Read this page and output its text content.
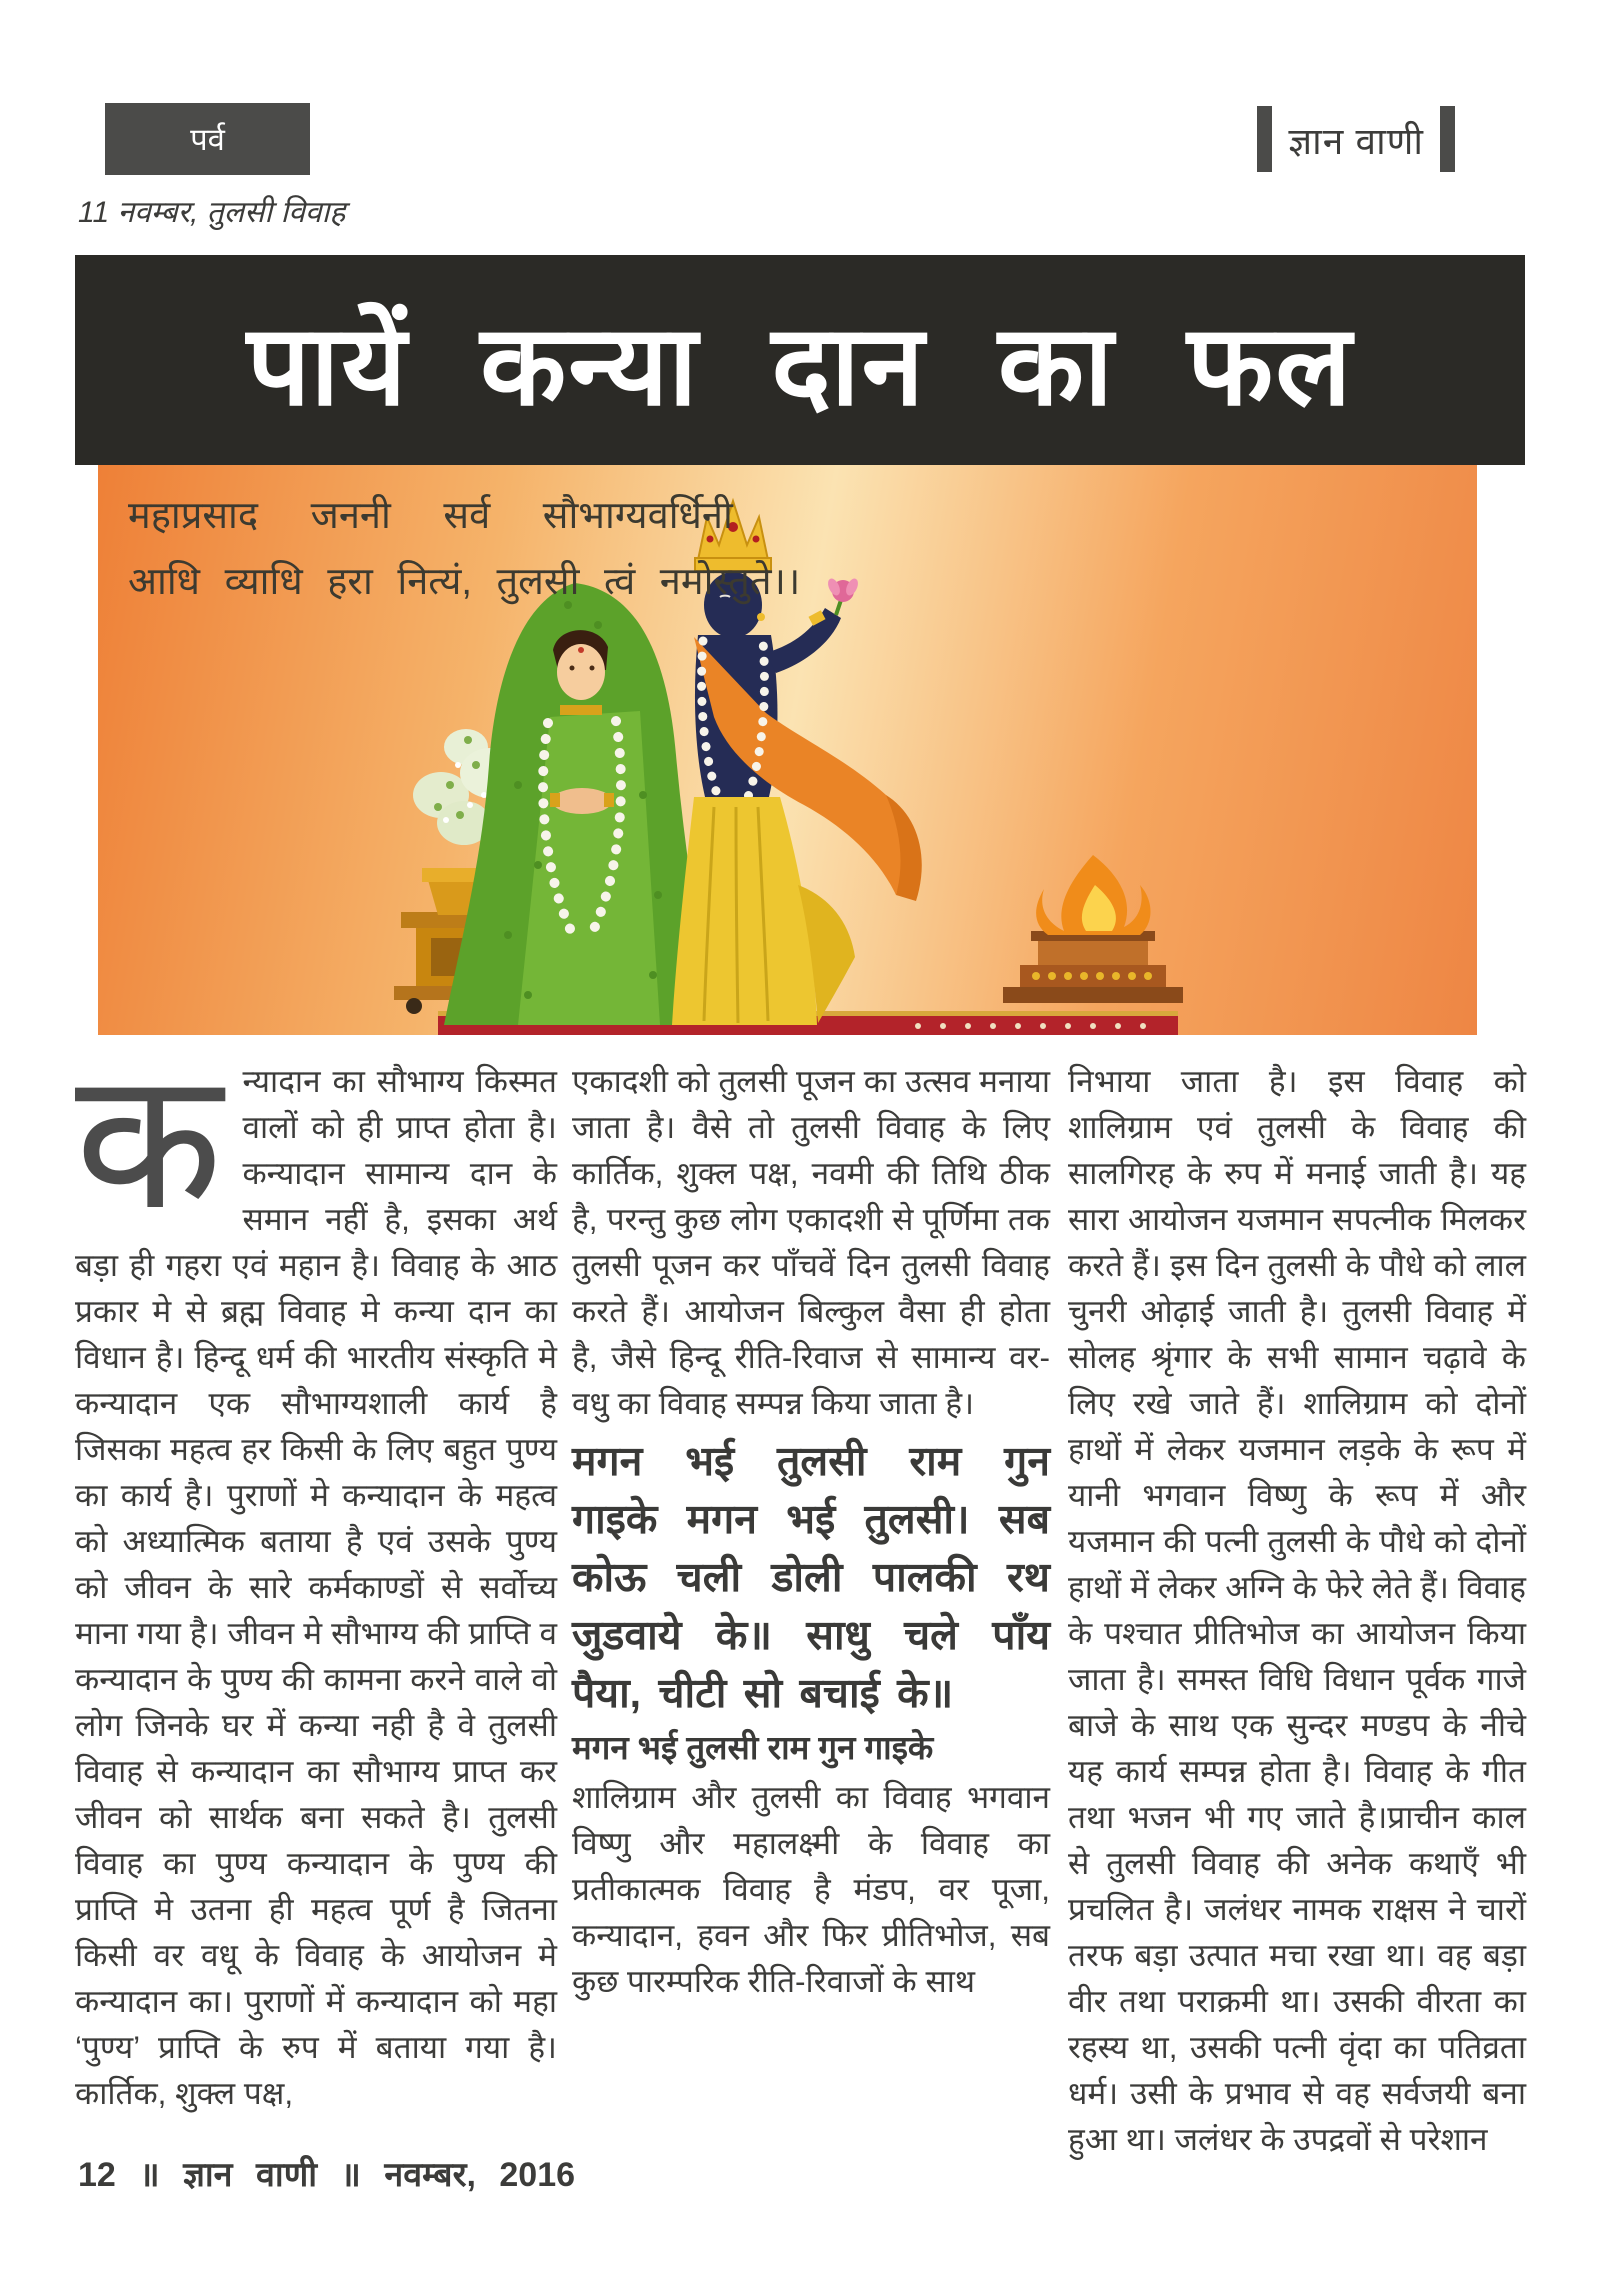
पर्व	ज्ञान वाणी
11 नवम्बर, तुलसी विवाह
पायें कन्या दान का फल
महाप्रसाद जननी सर्व सौभाग्यवर्धिनी
आधि व्याधि हरा नित्यं, तुलसी त्वं नमोस्तुते।।
क न्यादान का सौभाग्य किस्मत वालों को ही प्राप्त होता है। कन्यादान सामान्य दान के समान नहीं है, इसका अर्थ बड़ा ही गहरा एवं महान है। विवाह के आठ प्रकार मे से ब्रह्म विवाह मे कन्या दान का विधान है। हिन्दू धर्म की भारतीय संस्कृति मे कन्यादान एक सौभाग्यशाली कार्य है जिसका महत्व हर किसी के लिए बहुत पुण्य का कार्य है। पुराणों मे कन्यादान के महत्व को अध्यात्मिक बताया है एवं उसके पुण्य को जीवन के सारे कर्मकाण्डों से सर्वोच्य माना गया है। जीवन मे सौभाग्य की प्राप्ति व कन्यादान के पुण्य की कामना करने वाले वो लोग जिनके घर में कन्या नही है वे तुलसी विवाह से कन्यादान का सौभाग्य प्राप्त कर जीवन को सार्थक बना सकते है। तुलसी विवाह का पुण्य कन्यादान के पुण्य की प्राप्ति मे उतना ही महत्व पूर्ण है जितना किसी वर वधू के विवाह के आयोजन मे कन्यादान का। पुराणों में कन्यादान को महा ‘पुण्य’ प्राप्ति के रुप में बताया गया है। कार्तिक, शुक्ल पक्ष,
एकादशी को तुलसी पूजन का उत्सव मनाया जाता है। वैसे तो तुलसी विवाह के लिए कार्तिक, शुक्ल पक्ष, नवमी की तिथि ठीक है, परन्तु कुछ लोग एकादशी से पूर्णिमा तक तुलसी पूजन कर पाँचवें दिन तुलसी विवाह करते हैं। आयोजन बिल्कुल वैसा ही होता है, जैसे हिन्दू रीति-रिवाज से सामान्य वर-वधु का विवाह सम्पन्न किया जाता है।
मगन भई तुलसी राम गुन गाइके मगन भई तुलसी। सब कोऊ चली डोली पालकी रथ जुडवाये के॥ साधु चले पाँय पैया, चीटी सो बचाई के॥
मगन भई तुलसी राम गुन गाइके
शालिग्राम और तुलसी का विवाह भगवान विष्णु और महालक्ष्मी के विवाह का प्रतीकात्मक विवाह है मंडप, वर पूजा, कन्यादान, हवन और फिर प्रीतिभोज, सब कुछ पारम्परिक रीति-रिवाजों के साथ
निभाया जाता है। इस विवाह को शालिग्राम एवं तुलसी के विवाह की सालगिरह के रुप में मनाई जाती है। यह सारा आयोजन यजमान सपत्नीक मिलकर करते हैं। इस दिन तुलसी के पौधे को लाल चुनरी ओढ़ाई जाती है। तुलसी विवाह में सोलह श्रृंगार के सभी सामान चढ़ावे के लिए रखे जाते हैं। शालिग्राम को दोनों हाथों में लेकर यजमान लड़के के रूप में यानी भगवान विष्णु के रूप में और यजमान की पत्नी तुलसी के पौधे को दोनों हाथों में लेकर अग्नि के फेरे लेते हैं। विवाह के पश्चात प्रीतिभोज का आयोजन किया जाता है। समस्त विधि विधान पूर्वक गाजे बाजे के साथ एक सुन्दर मण्डप के नीचे यह कार्य सम्पन्न होता है। विवाह के गीत तथा भजन भी गए जाते है।प्राचीन काल से तुलसी विवाह की अनेक कथाएँ भी प्रचलित है। जलंधर नामक राक्षस ने चारों तरफ बड़ा उत्पात मचा रखा था। वह बड़ा वीर तथा पराक्रमी था। उसकी वीरता का रहस्य था, उसकी पत्नी वृंदा का पतिव्रता धर्म। उसी के प्रभाव से वह सर्वजयी बना हुआ था। जलंधर के उपद्रवों से परेशान
12 ॥ ज्ञान वाणी ॥ नवम्बर, 2016
